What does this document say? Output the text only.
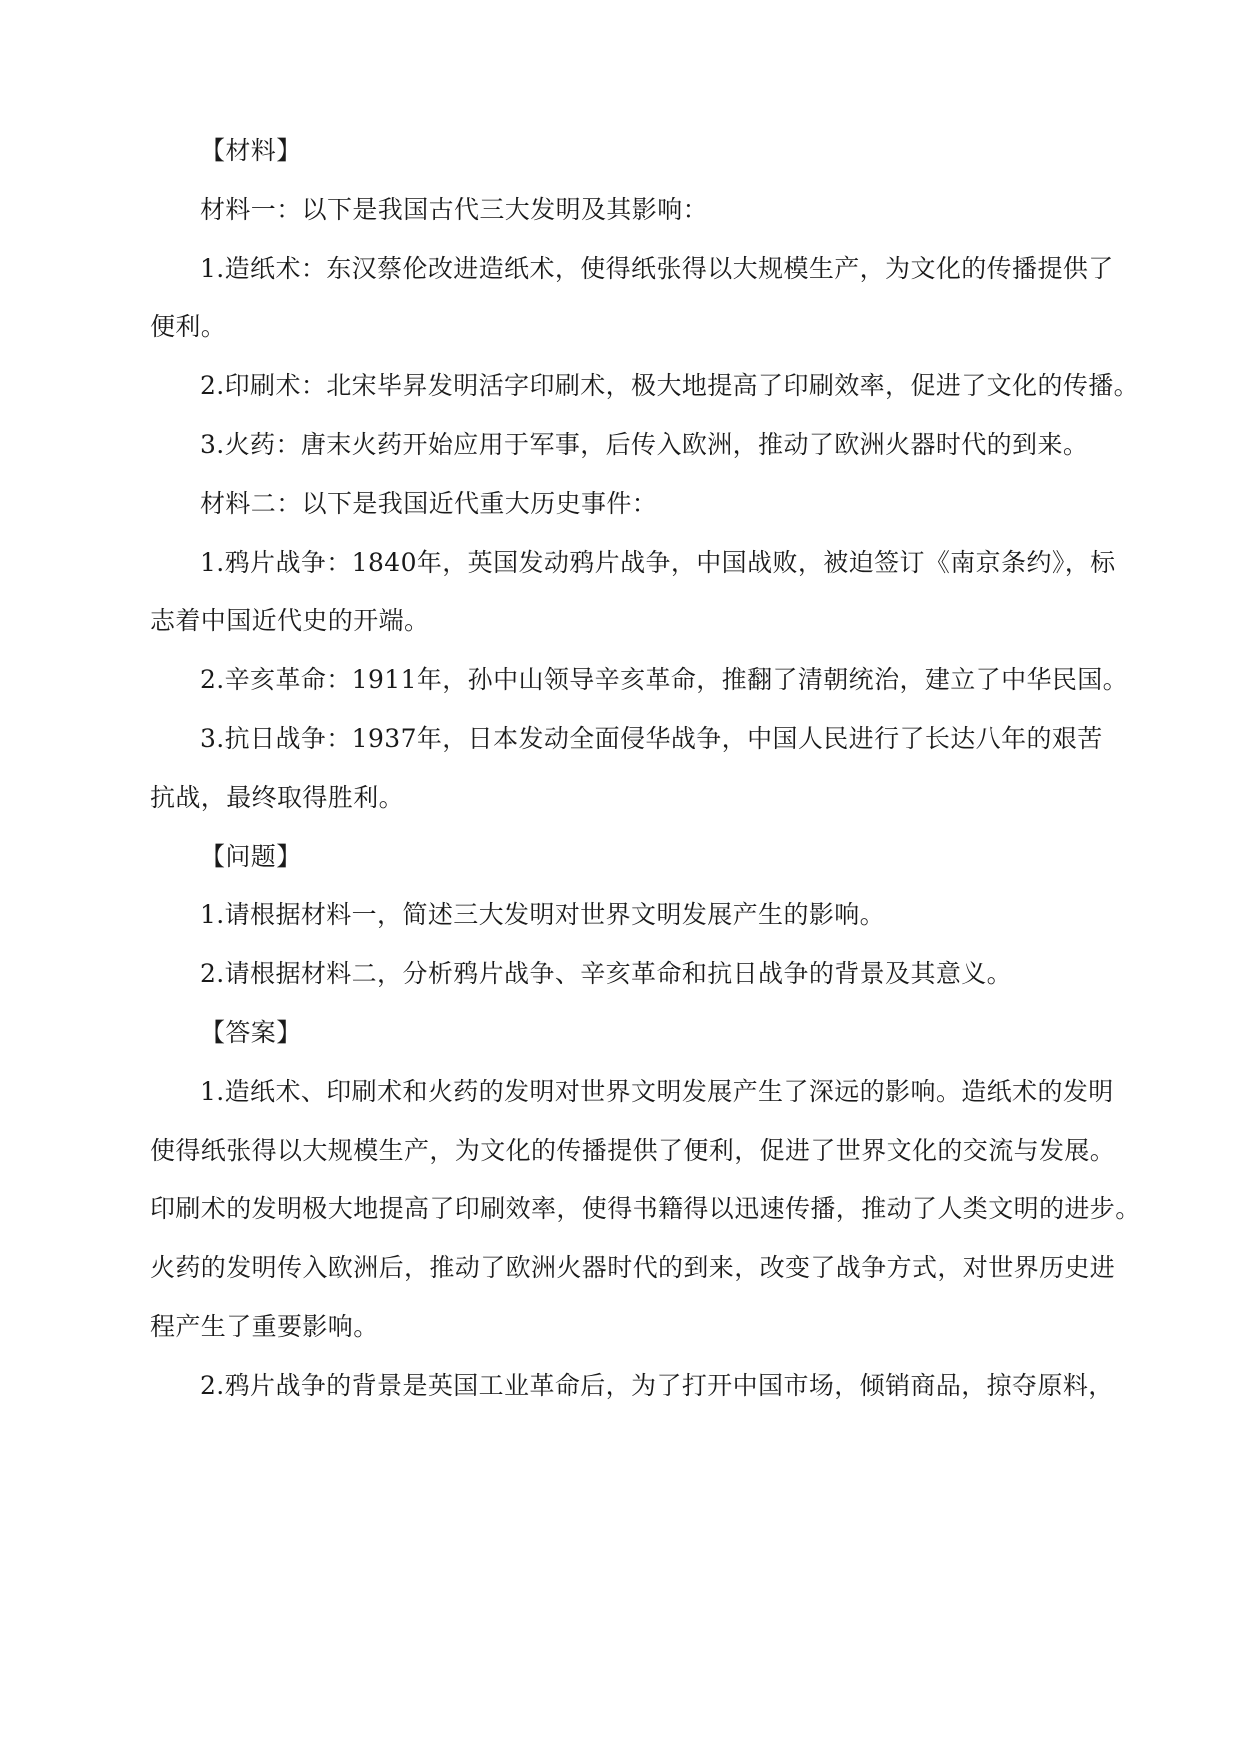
【材料】
材料一：以下是我国古代三大发明及其影响：
1.造纸术：东汉蔡伦改进造纸术，使得纸张得以大规模生产，为文化的传播提供了
便利。
2.印刷术：北宋毕昇发明活字印刷术，极大地提高了印刷效率，促进了文化的传播。
3.火药：唐末火药开始应用于军事，后传入欧洲，推动了欧洲火器时代的到来。
材料二：以下是我国近代重大历史事件：
1.鸦片战争：1840年，英国发动鸦片战争，中国战败，被迫签订《南京条约》，标
志着中国近代史的开端。
2.辛亥革命：1911年，孙中山领导辛亥革命，推翻了清朝统治，建立了中华民国。
3.抗日战争：1937年，日本发动全面侵华战争，中国人民进行了长达八年的艰苦
抗战，最终取得胜利。
【问题】
1.请根据材料一，简述三大发明对世界文明发展产生的影响。
2.请根据材料二，分析鸦片战争、辛亥革命和抗日战争的背景及其意义。
【答案】
1.造纸术、印刷术和火药的发明对世界文明发展产生了深远的影响。造纸术的发明
使得纸张得以大规模生产，为文化的传播提供了便利，促进了世界文化的交流与发展。
印刷术的发明极大地提高了印刷效率，使得书籍得以迅速传播，推动了人类文明的进步。
火药的发明传入欧洲后，推动了欧洲火器时代的到来，改变了战争方式，对世界历史进
程产生了重要影响。
2.鸦片战争的背景是英国工业革命后，为了打开中国市场，倾销商品，掠夺原料，
